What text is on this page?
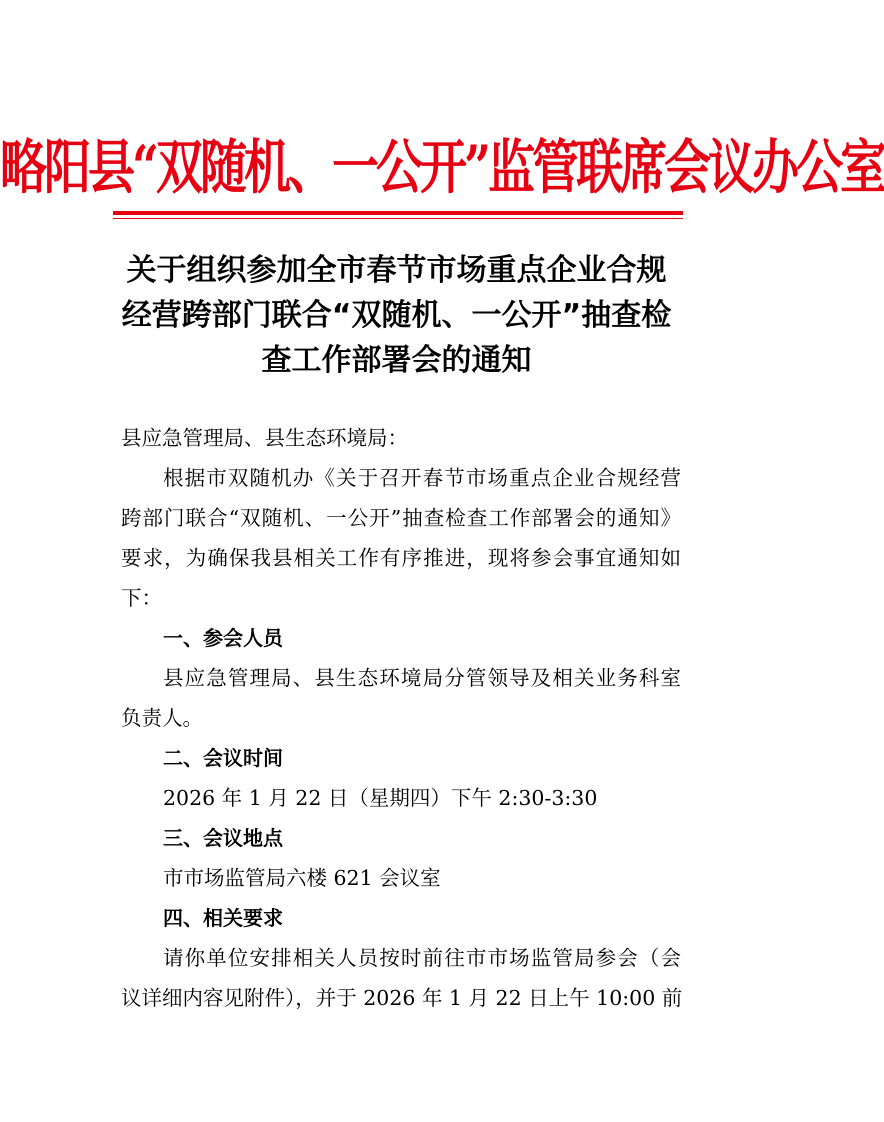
略阳县“双随机、一公开”监管联席会议办公室
关于组织参加全市春节市场重点企业合规
经营跨部门联合“双随机、一公开”抽查检
查工作部署会的通知
县应急管理局、县生态环境局：
根据市双随机办《关于召开春节市场重点企业合规经营
跨部门联合“双随机、一公开”抽查检查工作部署会的通知》
要求，为确保我县相关工作有序推进，现将参会事宜通知如
下：
一、参会人员
县应急管理局、县生态环境局分管领导及相关业务科室
负责人。
二、会议时间
2026 年 1 月 22 日（星期四）下午 2:30-3:30
三、会议地点
市市场监管局六楼 621 会议室
四、相关要求
请你单位安排相关人员按时前往市市场监管局参会（会
议详细内容见附件），并于 2026 年 1 月 22 日上午 10:00 前
